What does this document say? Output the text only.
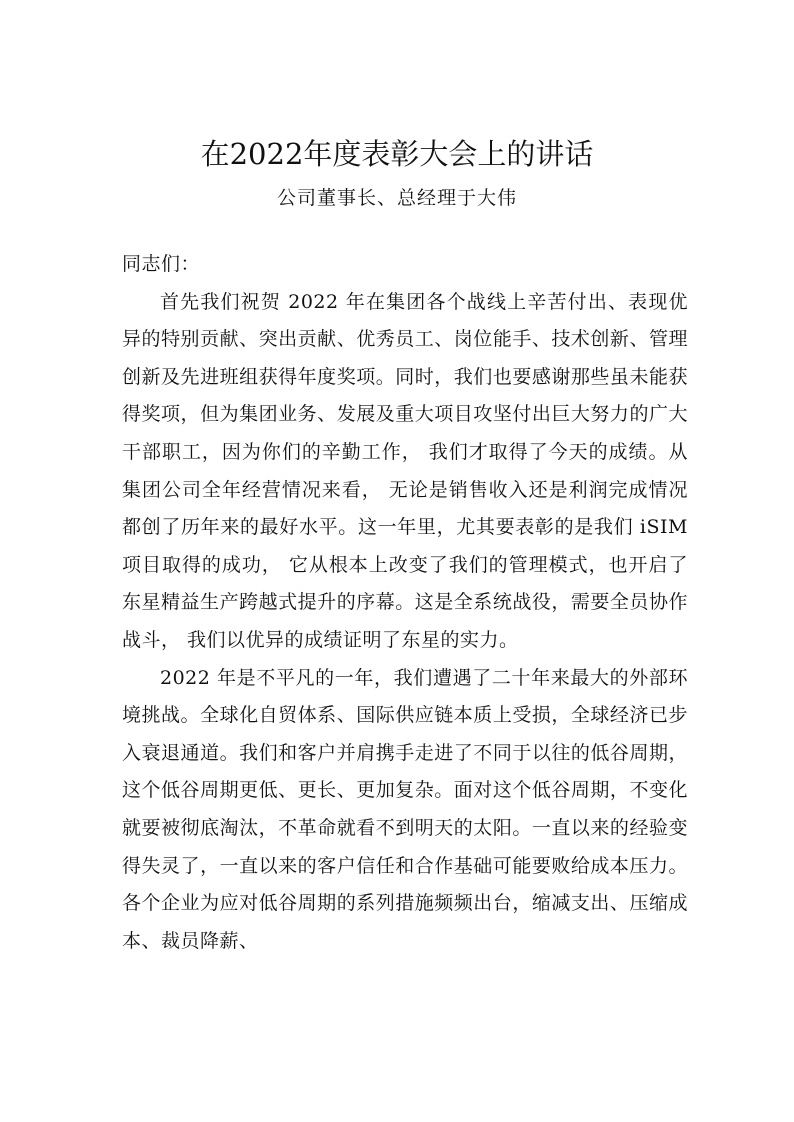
在2022年度表彰大会上的讲话
公司董事长、总经理于大伟

同志们：

首先我们祝贺 2022 年在集团各个战线上辛苦付出、表现优异的特别贡献、突出贡献、优秀员工、岗位能手、技术创新、管理创新及先进班组获得年度奖项。同时，我们也要感谢那些虽未能获得奖项，但为集团业务、发展及重大项目攻坚付出巨大努力的广大干部职工，因为你们的辛勤工作， 我们才取得了今天的成绩。从集团公司全年经营情况来看， 无论是销售收入还是利润完成情况都创了历年来的最好水平。这一年里，尤其要表彰的是我们 iSIM 项目取得的成功， 它从根本上改变了我们的管理模式，也开启了东星精益生产跨越式提升的序幕。这是全系统战役，需要全员协作战斗， 我们以优异的成绩证明了东星的实力。

2022 年是不平凡的一年，我们遭遇了二十年来最大的外部环境挑战。全球化自贸体系、国际供应链本质上受损，全球经济已步入衰退通道。我们和客户并肩携手走进了不同于以往的低谷周期，这个低谷周期更低、更长、更加复杂。面对这个低谷周期，不变化就要被彻底淘汰，不革命就看不到明天的太阳。一直以来的经验变得失灵了，一直以来的客户信任和合作基础可能要败给成本压力。各个企业为应对低谷周期的系列措施频频出台，缩减支出、压缩成本、裁员降薪、
